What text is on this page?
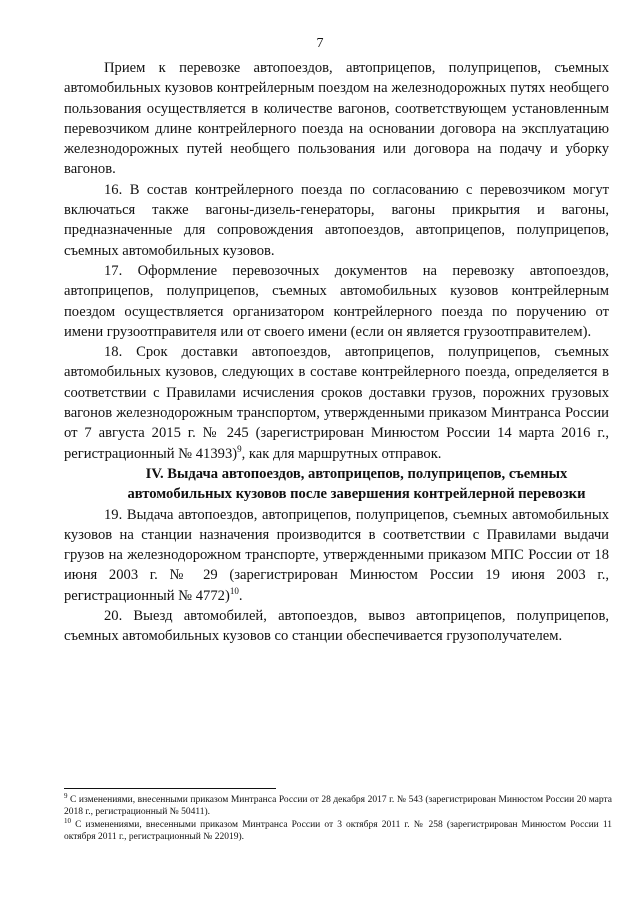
7

Прием к перевозке автопоездов, автоприцепов, полуприцепов, съемных автомобильных кузовов контрейлерным поездом на железнодорожных путях необщего пользования осуществляется в количестве вагонов, соответствующем установленным перевозчиком длине контрейлерного поезда на основании договора на эксплуатацию железнодорожных путей необщего пользования или договора на подачу и уборку вагонов.

16. В состав контрейлерного поезда по согласованию с перевозчиком могут включаться также вагоны-дизель-генераторы, вагоны прикрытия и вагоны, предназначенные для сопровождения автопоездов, автоприцепов, полуприцепов, съемных автомобильных кузовов.

17. Оформление перевозочных документов на перевозку автопоездов, автоприцепов, полуприцепов, съемных автомобильных кузовов контрейлерным поездом осуществляется организатором контрейлерного поезда по поручению от имени грузоотправителя или от своего имени (если он является грузоотправителем).

18. Срок доставки автопоездов, автоприцепов, полуприцепов, съемных автомобильных кузовов, следующих в составе контрейлерного поезда, определяется в соответствии с Правилами исчисления сроков доставки грузов, порожних грузовых вагонов железнодорожным транспортом, утвержденными приказом Минтранса России от 7 августа 2015 г. № 245 (зарегистрирован Минюстом России 14 марта 2016 г., регистрационный № 41393)$^9$, как для маршрутных отправок.

IV. Выдача автопоездов, автоприцепов, полуприцепов, съемных
автомобильных кузовов после завершения контрейлерной перевозки

19. Выдача автопоездов, автоприцепов, полуприцепов, съемных автомобильных кузовов на станции назначения производится в соответствии с Правилами выдачи грузов на железнодорожном транспорте, утвержденными приказом МПС России от 18 июня 2003 г. № 29 (зарегистрирован Минюстом России 19 июня 2003 г., регистрационный № 4772)$^{10}$.

20. Выезд автомобилей, автопоездов, вывоз автоприцепов, полуприцепов, съемных автомобильных кузовов со станции обеспечивается грузополучателем.

$^9$ С изменениями, внесенными приказом Минтранса России от 28 декабря 2017 г. № 543 (зарегистрирован Минюстом России 20 марта 2018 г., регистрационный № 50411).

$^{10}$ С изменениями, внесенными приказом Минтранса России от 3 октября 2011 г. № 258 (зарегистрирован Минюстом России 11 октября 2011 г., регистрационный № 22019).
